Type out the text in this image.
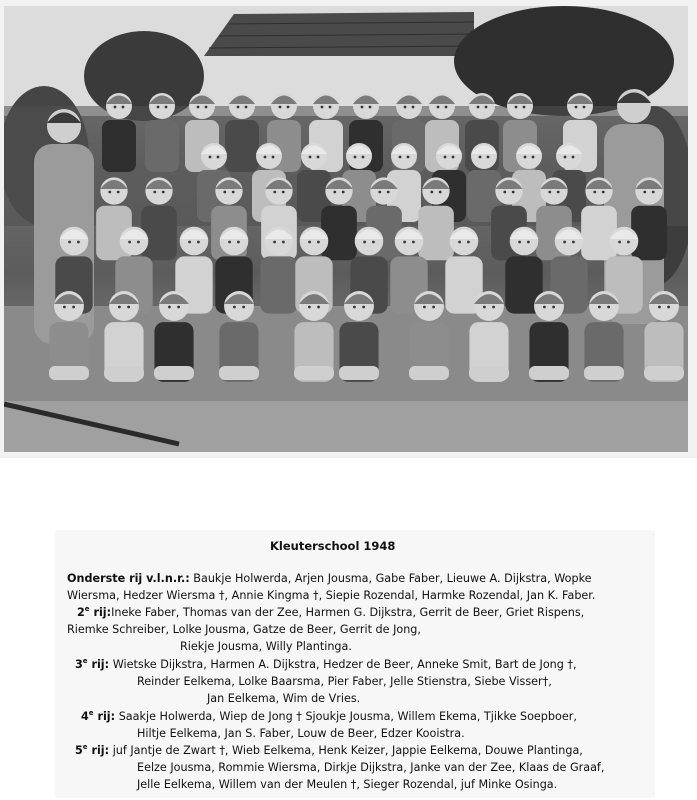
Kleuterschool 1948
Onderste rij v.l.n.r.: Baukje Holwerda, Arjen Jousma, Gabe Faber, Lieuwe A. Dijkstra, Wopke
Wiersma, Hedzer Wiersma †, Annie Kingma †, Siepie Rozendal, Harmke Rozendal, Jan K. Faber.
2e rij:Ineke Faber, Thomas van der Zee, Harmen G. Dijkstra, Gerrit de Beer, Griet Rispens,
Riemke Schreiber, Lolke Jousma, Gatze de Beer, Gerrit de Jong,
Riekje Jousma, Willy Plantinga.
3e rij: Wietske Dijkstra, Harmen A. Dijkstra, Hedzer de Beer, Anneke Smit, Bart de Jong †,
Reinder Eelkema, Lolke Baarsma, Pier Faber, Jelle Stienstra, Siebe Visser†,
Jan Eelkema, Wim de Vries.
4e rij: Saakje Holwerda, Wiep de Jong † Sjoukje Jousma, Willem Ekema, Tjikke Soepboer,
Hiltje Eelkema, Jan S. Faber, Louw de Beer, Edzer Kooistra.
5e rij: juf Jantje de Zwart †, Wieb Eelkema, Henk Keizer, Jappie Eelkema, Douwe Plantinga,
Eelze Jousma, Rommie Wiersma, Dirkje Dijkstra, Janke van der Zee, Klaas de Graaf,
Jelle Eelkema, Willem van der Meulen †, Sieger Rozendal, juf Minke Osinga.
